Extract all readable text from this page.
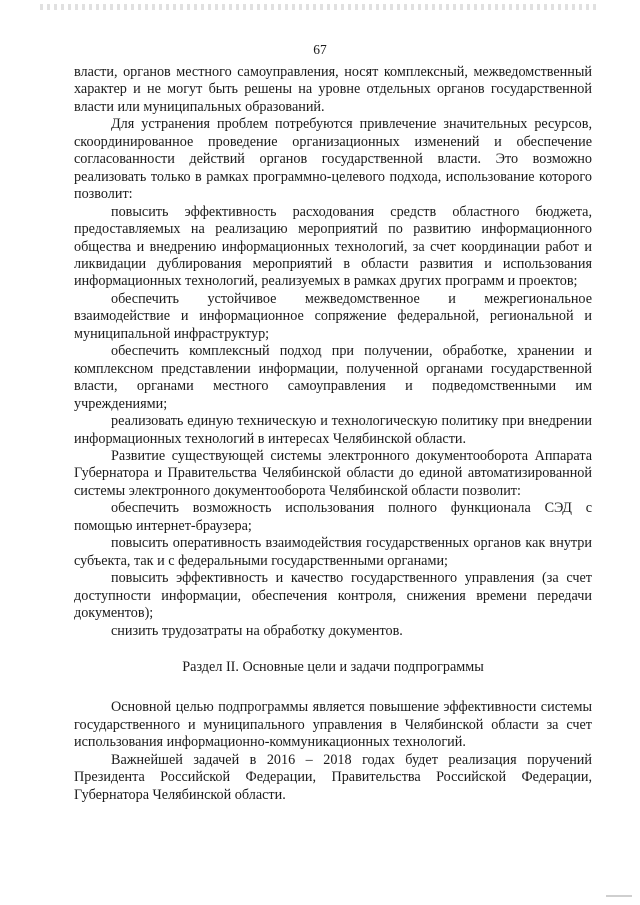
67

власти, органов местного самоуправления, носят комплексный, межведомственный характер и не могут быть решены на уровне отдельных органов государственной власти или муниципальных образований.

Для устранения проблем потребуются привлечение значительных ресурсов, скоординированное проведение организационных изменений и обеспечение согласованности действий органов государственной власти. Это возможно реализовать только в рамках программно-целевого подхода, использование которого позволит:

повысить эффективность расходования средств областного бюджета, предоставляемых на реализацию мероприятий по развитию информационного общества и внедрению информационных технологий, за счет координации работ и ликвидации дублирования мероприятий в области развития и использования информационных технологий, реализуемых в рамках других программ и проектов;

обеспечить устойчивое межведомственное и межрегиональное взаимодействие и информационное сопряжение федеральной, региональной и муниципальной инфраструктур;

обеспечить комплексный подход при получении, обработке, хранении и комплексном представлении информации, полученной органами государственной власти, органами местного самоуправления и подведомственными им учреждениями;

реализовать единую техническую и технологическую политику при внедрении информационных технологий в интересах Челябинской области.

Развитие существующей системы электронного документооборота Аппарата Губернатора и Правительства Челябинской области до единой автоматизированной системы электронного документооборота Челябинской области позволит:

обеспечить возможность использования полного функционала СЭД с помощью интернет-браузера;

повысить оперативность взаимодействия государственных органов как внутри субъекта, так и с федеральными государственными органами;

повысить эффективность и качество государственного управления (за счет доступности информации, обеспечения контроля, снижения времени передачи документов);

снизить трудозатраты на обработку документов.

Раздел II. Основные цели и задачи подпрограммы

Основной целью подпрограммы является повышение эффективности системы государственного и муниципального управления в Челябинской области за счет использования информационно-коммуникационных технологий.

Важнейшей задачей в 2016 – 2018 годах будет реализация поручений Президента Российской Федерации, Правительства Российской Федерации, Губернатора Челябинской области.
